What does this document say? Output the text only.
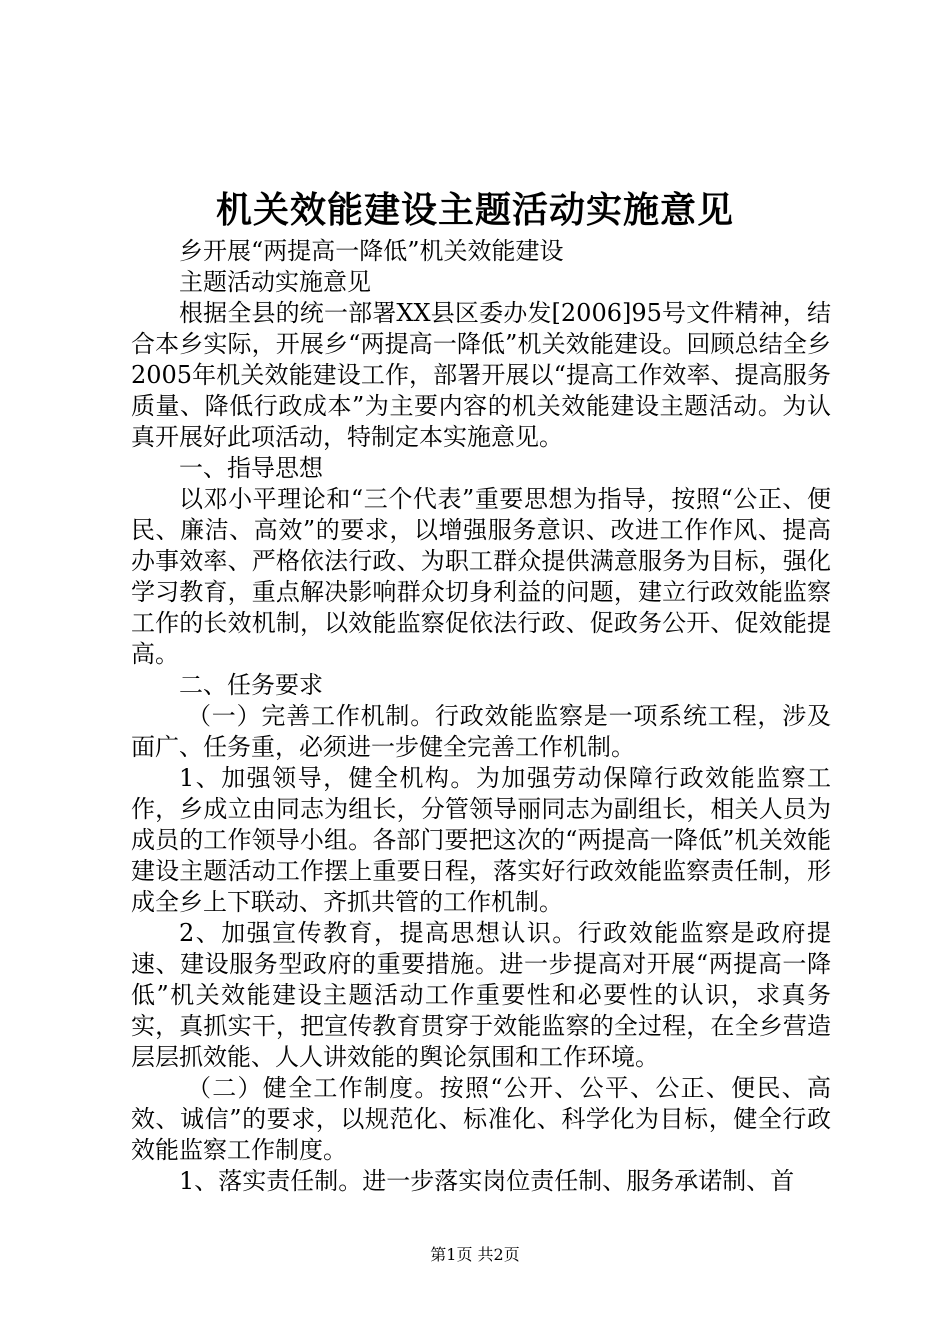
机关效能建设主题活动实施意见

乡开展“两提高一降低”机关效能建设

主题活动实施意见

根据全县的统一部署XX县区委办发[2006]95号文件精神，结合本乡实际，开展乡“两提高一降低”机关效能建设。回顾总结全乡2005年机关效能建设工作，部署开展以“提高工作效率、提高服务质量、降低行政成本”为主要内容的机关效能建设主题活动。为认真开展好此项活动，特制定本实施意见。

一、指导思想

以邓小平理论和“三个代表”重要思想为指导，按照“公正、便民、廉洁、高效”的要求，以增强服务意识、改进工作作风、提高办事效率、严格依法行政、为职工群众提供满意服务为目标，强化学习教育，重点解决影响群众切身利益的问题，建立行政效能监察工作的长效机制，以效能监察促依法行政、促政务公开、促效能提高。

二、任务要求

（一）完善工作机制。行政效能监察是一项系统工程，涉及面广、任务重，必须进一步健全完善工作机制。

1、加强领导，健全机构。为加强劳动保障行政效能监察工作，乡成立由同志为组长，分管领导丽同志为副组长，相关人员为成员的工作领导小组。各部门要把这次的“两提高一降低”机关效能建设主题活动工作摆上重要日程，落实好行政效能监察责任制，形成全乡上下联动、齐抓共管的工作机制。

2、加强宣传教育，提高思想认识。行政效能监察是政府提速、建设服务型政府的重要措施。进一步提高对开展“两提高一降低”机关效能建设主题活动工作重要性和必要性的认识，求真务实，真抓实干，把宣传教育贯穿于效能监察的全过程，在全乡营造层层抓效能、人人讲效能的舆论氛围和工作环境。

（二）健全工作制度。按照“公开、公平、公正、便民、高效、诚信”的要求，以规范化、标准化、科学化为目标，健全行政效能监察工作制度。

1、落实责任制。进一步落实岗位责任制、服务承诺制、首

第1页 共2页
